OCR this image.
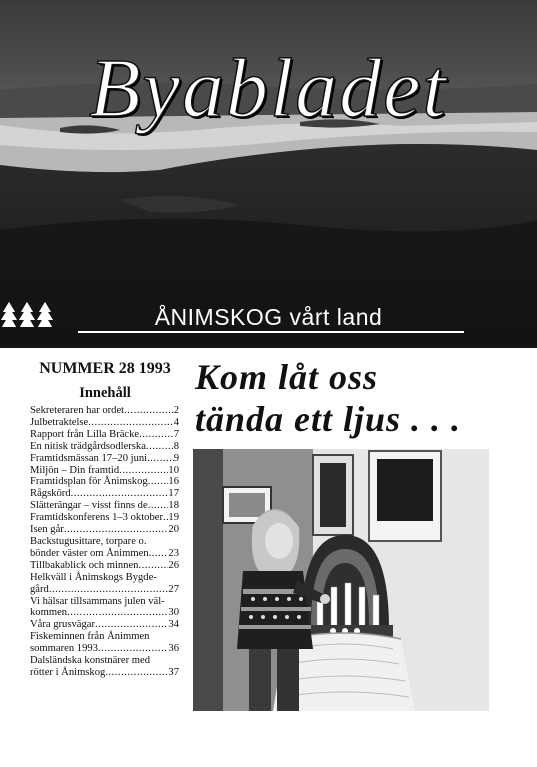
Byabladet
ÅNIMSKOG vårt land
NUMMER 28 1993
Innehåll
Sekreteraren har ordet .....	2
Julbetraktelse .....	4
Rapport från Lilla Bräcke .....	7
En nitisk trädgårdsodlerska .....	8
Framtidsmässan 17–20 juni .....	9
Miljön – Din framtid .....	10
Framtidsplan för Ånimskog ..... 16
Rågskörd .....	17
Slätterängar – visst finns de ..... 18
Framtidskonferens 1–3 oktober ..... 19
Isen går .....	20
Backstugusittare, torpare o.
bönder väster om Ånimmen ..... 23
Tillbakablick och minnen .....	26
Helkväll i Ånimskogs Bygde-
gård .....	27
Vi hälsar tillsammans julen väl-
kommen .....	30
Våra grusvägar .....	34
Fiskeminnen från Ånimmen
sommaren 1993 .....	36
Dalsländska konstnärer med
rötter i Ånimskog .....	37
Kom låt oss
tända ett ljus . . .
